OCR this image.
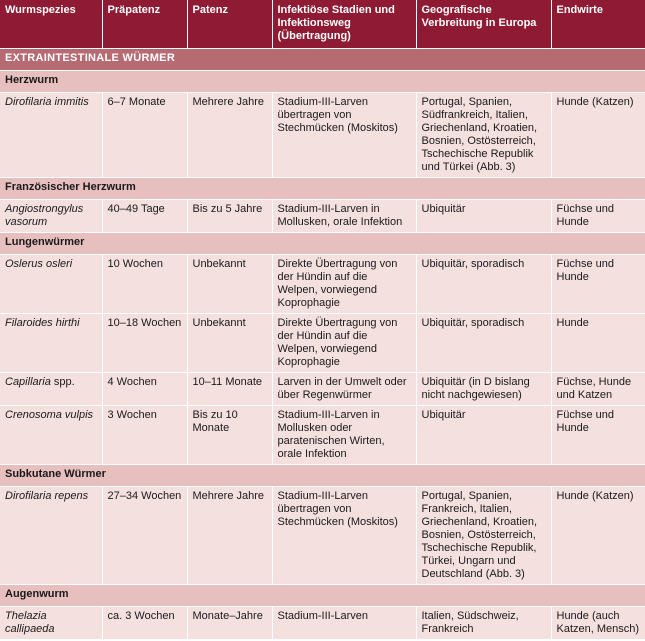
Wurmspezies	Präpatenz	Patenz	Infektiöse Stadien und Infektionsweg (Übertragung)	Geografische Verbreitung in Europa	Endwirte
EXTRAINTESTINALE WÜRMER					
Herzwurm					
Dirofilaria immitis	6–7 Monate	Mehrere Jahre	Stadium-III-Larven übertragen von Stechmücken (Moskitos)	Portugal, Spanien, Südfrankreich, Italien, Griechenland, Kroatien, Bosnien, Ostösterreich, Tschechische Republik und Türkei (Abb. 3)	Hunde (Katzen)
Französischer Herzwurm					
Angiostrongylus vasorum	40–49 Tage	Bis zu 5 Jahre	Stadium-III-Larven in Mollusken, orale Infektion	Ubiquitär	Füchse und Hunde
Lungenwürmer					
Oslerus osleri	10 Wochen	Unbekannt	Direkte Übertragung von der Hündin auf die Welpen, vorwiegend Koprophagie	Ubiquitär, sporadisch	Füchse und Hunde
Filaroides hirthi	10–18 Wochen	Unbekannt	Direkte Übertragung von der Hündin auf die Welpen, vorwiegend Koprophagie	Ubiquitär, sporadisch	Hunde
Capillaria spp.	4 Wochen	10–11 Monate	Larven in der Umwelt oder über Regenwürmer	Ubiquitär (in D bislang nicht nachgewiesen)	Füchse, Hunde und Katzen
Crenosoma vulpis	3 Wochen	Bis zu 10 Monate	Stadium-III-Larven in Mollusken oder paratenischen Wirten, orale Infektion	Ubiquitär	Füchse und Hunde
Subkutane Würmer					
Dirofilaria repens	27–34 Wochen	Mehrere Jahre	Stadium-III-Larven übertragen von Stechmücken (Moskitos)	Portugal, Spanien, Frankreich, Italien, Griechenland, Kroatien, Bosnien, Ostösterreich, Tschechische Republik, Türkei, Ungarn und Deutschland (Abb. 3)	Hunde (Katzen)
Augenwurm					
Thelazia callipaeda	ca. 3 Wochen	Monate–Jahre	Stadium-III-Larven	Italien, Südschweiz, Frankreich	Hunde (auch Katzen, Mensch)
